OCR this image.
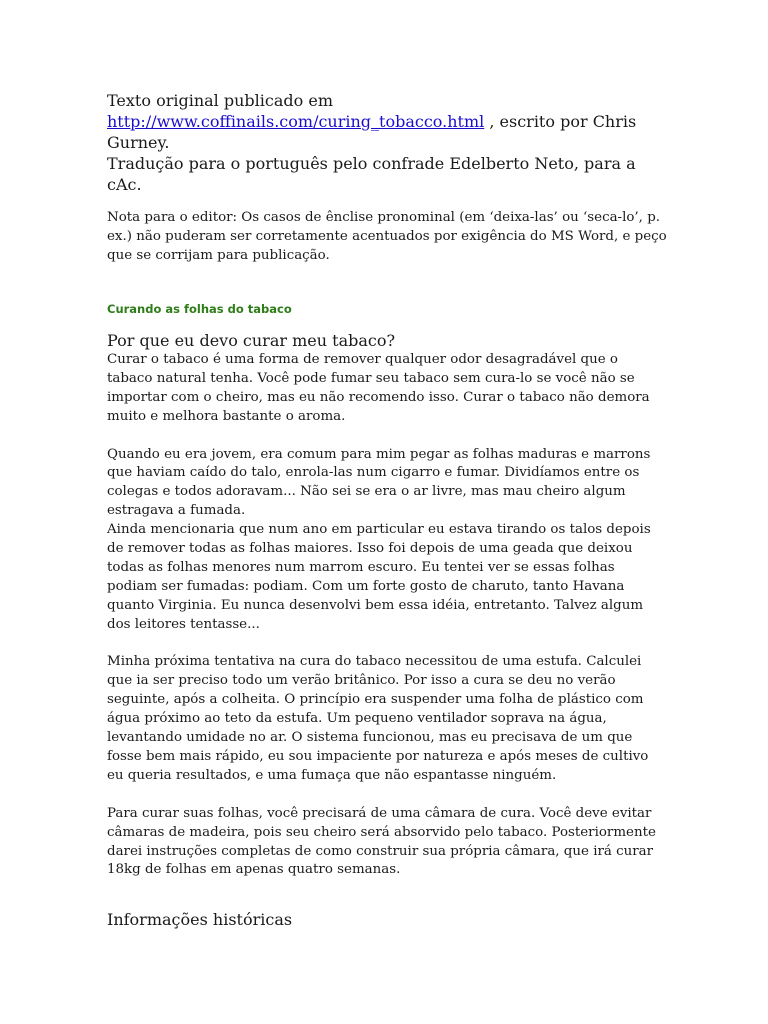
Texto original publicado em

http://www.coffinails.com/curing_tobacco.html , escrito por Chris Gurney.

Tradução para o português pelo confrade Edelberto Neto, para a cAc.

Nota para o editor: Os casos de ênclise pronominal (em ‘deixa-las’ ou ‘seca-lo’, p. ex.) não puderam ser corretamente acentuados por exigência do MS Word, e peço que se corrijam para publicação.

Curando as folhas do tabaco

Por que eu devo curar meu tabaco?

Curar o tabaco é uma forma de remover qualquer odor desagradável que o tabaco natural tenha. Você pode fumar seu tabaco sem cura-lo se você não se importar com o cheiro, mas eu não recomendo isso. Curar o tabaco não demora muito e melhora bastante o aroma.

Quando eu era jovem, era comum para mim pegar as folhas maduras e marrons que haviam caído do talo, enrola-las num cigarro e fumar. Dividíamos entre os colegas e todos adoravam... Não sei se era o ar livre, mas mau cheiro algum estragava a fumada.

Ainda mencionaria que num ano em particular eu estava tirando os talos depois de remover todas as folhas maiores. Isso foi depois de uma geada que deixou todas as folhas menores num marrom escuro. Eu tentei ver se essas folhas podiam ser fumadas: podiam. Com um forte gosto de charuto, tanto Havana quanto Virginia. Eu nunca desenvolvi bem essa idéia, entretanto. Talvez algum dos leitores tentasse...

Minha próxima tentativa na cura do tabaco necessitou de uma estufa. Calculei que ia ser preciso todo um verão britânico. Por isso a cura se deu no verão seguinte, após a colheita. O princípio era suspender uma folha de plástico com água próximo ao teto da estufa. Um pequeno ventilador soprava na água, levantando umidade no ar. O sistema funcionou, mas eu precisava de um que fosse bem mais rápido, eu sou impaciente por natureza e após meses de cultivo eu queria resultados, e uma fumaça que não espantasse ninguém.

Para curar suas folhas, você precisará de uma câmara de cura. Você deve evitar câmaras de madeira, pois seu cheiro será absorvido pelo tabaco. Posteriormente darei instruções completas de como construir sua própria câmara, que irá curar 18kg de folhas em apenas quatro semanas.

Informações históricas
